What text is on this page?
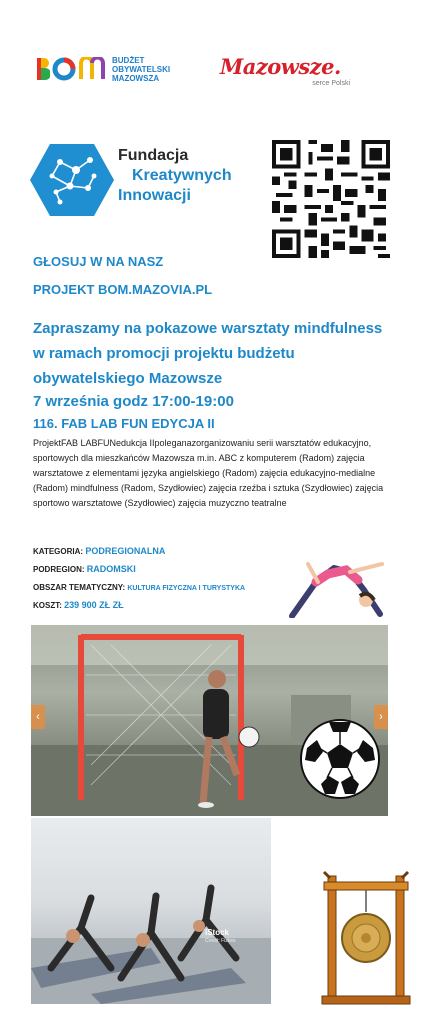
BUDŻET
OBYWATELSKI
MAZOWSZA	Mazowsze.
serce Polski
Fundacja
Kreatywnych
Innowacji
GŁOSUJ W NA NASZ
PROJEKT BOM.MAZOVIA.PL
Zapraszamy na pokazowe warsztaty mindfulness
w ramach promocji projektu budżetu
obywatelskiego Mazowsze
7 września godz 17:00-19:00
116. FAB LAB FUN EDYCJA II
ProjektFAB LABFUNedukcja IIpoleganazorganizowaniu serii warsztatów edukacyjno, sportowych dla mieszkańców Mazowsza m.in. ABC z komputerem (Radom) zajęcia warsztatowe z elementami języka angielskiego (Radom) zajęcia edukacyjno-medialne (Radom) mindfulness (Radom, Szydłowiec) zajęcia rzeźba i sztuka (Szydłowiec) zajęcia sportowo warsztatowe (Szydłowiec) zajęcia muzyczno teatralne
KATEGORIA: PODREGIONALNA
PODREGION: RADOMSKI
OBSZAR TEMATYCZNY: KULTURA FIZYCZNA I TURYSTYKA
KOSZT: 239 900 ZŁ ZŁ
‹	›
iStock
Credit: Fizkes
